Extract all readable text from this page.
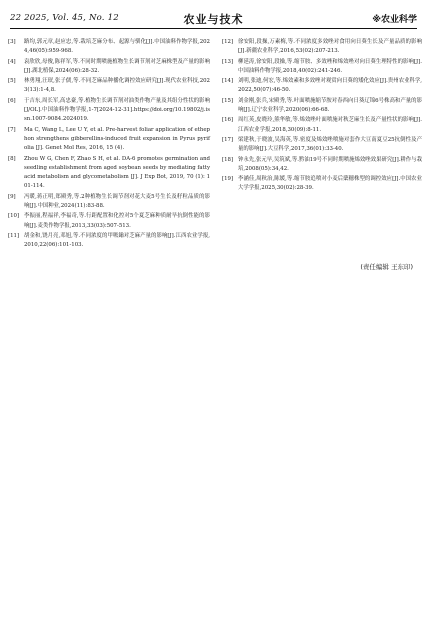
22 2025, Vol. 45, No. 12	农业与技术	※农业科学
[3]	路均,郭元章,赵应忠,等.栽培芝麻分布、起源与驯化[J].中国油料作物学报,2024,46(05):959-968.
[4]	袁欣欣,母俊,陈祥军,等.不同时期喷施植物生长调节剂对芝麻株型及产量的影响[J].湖北植保,2024(06):28-32.
[5]	林勇翔,汪珉,张子儒,等.不同芝麻品种播化调控效应研究[J].现代农业科技,2023(13):1-4,8.
[6]	于吉东,周长军,高忠臺,等.植物生长调节剂对油类作物产量及其组分性状的影响[J/OL].中国油料作物学报,1-7[2024-12-31].https://doi.org/10.19802/j.issn.1007-9084.2024019.
[7]	Ma C, Wang L, Lee U Y, et al. Pre-harvest foliar application of ethephon strengthens gibberellins-induced fruit expansion in Pyrus pyrifolia [J]. Genet Mol Res, 2016, 15 (4).
[8]	Zhou W G, Chen F, Zhao S H, et al. DA-6 promotes germination and seedling establishment from aged soybean seeds by mediating fatty acid metabolism and glycometabolism [J]. J Exp Bot, 2019, 70 (1): 101-114.
[9]	冯暖,蒋正明,郑殿秀,等.2种植物生长调节剂对花大麦5号生长及籽粒品质的影响[J].中国种业,2024(11):83-88.
[10] 李振丽,程福祥,李福奇,等.行距配置和化控对5个夏芝麻种质耐旱抗倒性能的影响[J].麦类作物学报,2013,33(03):507-513.
[11] 胡金和,饶月亮,邓旭,等.不同浓度的甲哌鎓对芝麻产量的影响[J].江西农业学报,2010,22(06):101-103.
[12] 徐安阳,段操,万素梅,等.不同浓度多效唑对食用向日葵生长及产量品质的影响[J].新疆农业科学,2016,53(02):207-213.
[13] 柳延涛,徐安阳,段操,等.缩节胺、多效唑和烯效唑对向日葵生理特性的影响[J].中国油料作物学报,2018,40(02):241-246.
[14] 刘明,张迪,何宏,等.烯效素和多效唑对观赏向日葵的矮化效应[J].贵州农业科学,2022,50(07):46-50.
[15] 刘金刚,张兵,宋殿秀,等.叶面喷施缩节胺对春西向日葵辽锦6号株高和产量的影响[J].辽宁农业科学,2020(06):66-68.
[16] 周红英,皮晓玲,熊华敏,等.烯效唑叶面喷施对秋芝麻生长及产量性状的影响[J].江西农业学报,2018,30(09):8-11.
[17] 梁建秋,于晓波,吴海英,等.密度及烯效唑喷施对套作大豆南夏豆25抗倒性及产量的影响[J].大豆科学,2017,36(01):33-40.
[18] 钟永先,张元早,吴筑斌,等.黔油19号不同时期喷施烯效唑效果研究[J].耕作与栽培,2008(05):34,42.
[19] 李涵佳,周秋治,陈媛,等.缩节胺追喷对小麦后蘖穗株型的调控效应[J].中国农业大学学报,2025,30(02):28-39.
(责任编辑 王东印)
